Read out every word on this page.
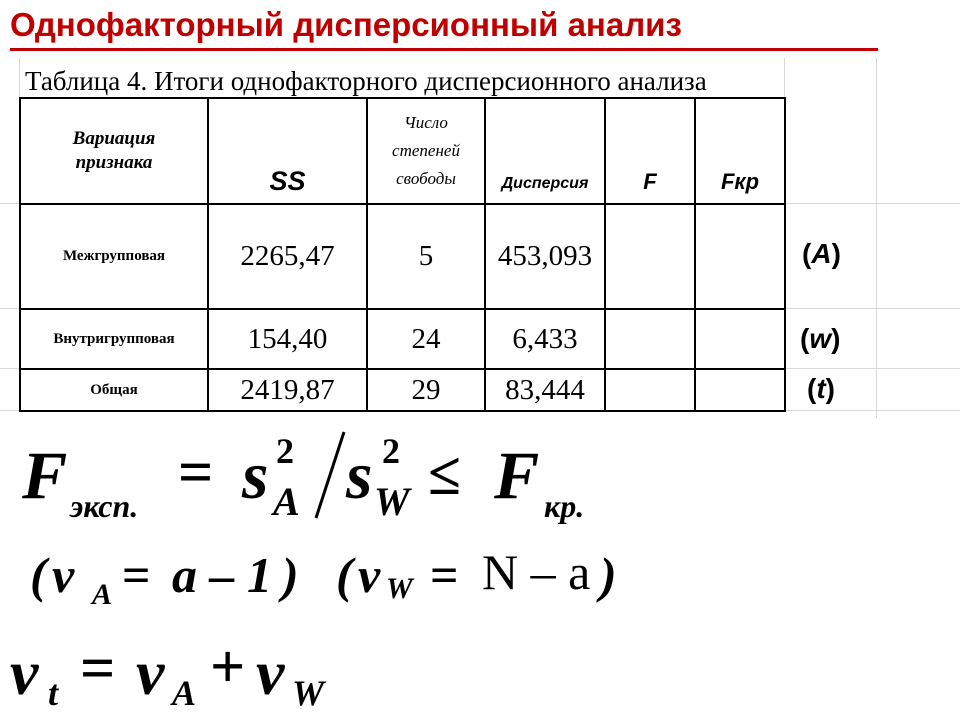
Однофакторный дисперсионный анализ
Таблица 4. Итоги однофакторного дисперсионного анализа
Вариация признака	SS	Число степеней свободы	Дисперсия	F	Fкр
Межгрупповая	2265,47	5	453,093		
Внутригрупповая	154,40	24	6,433		
Общая	2419,87	29	83,444		
(A)
(w)
(t)
F эксп. = s 2
A s 2
W ≤ F кр.
( ν A = a – 1 ) ( ν W = N – a )
ν t = ν A + ν W
